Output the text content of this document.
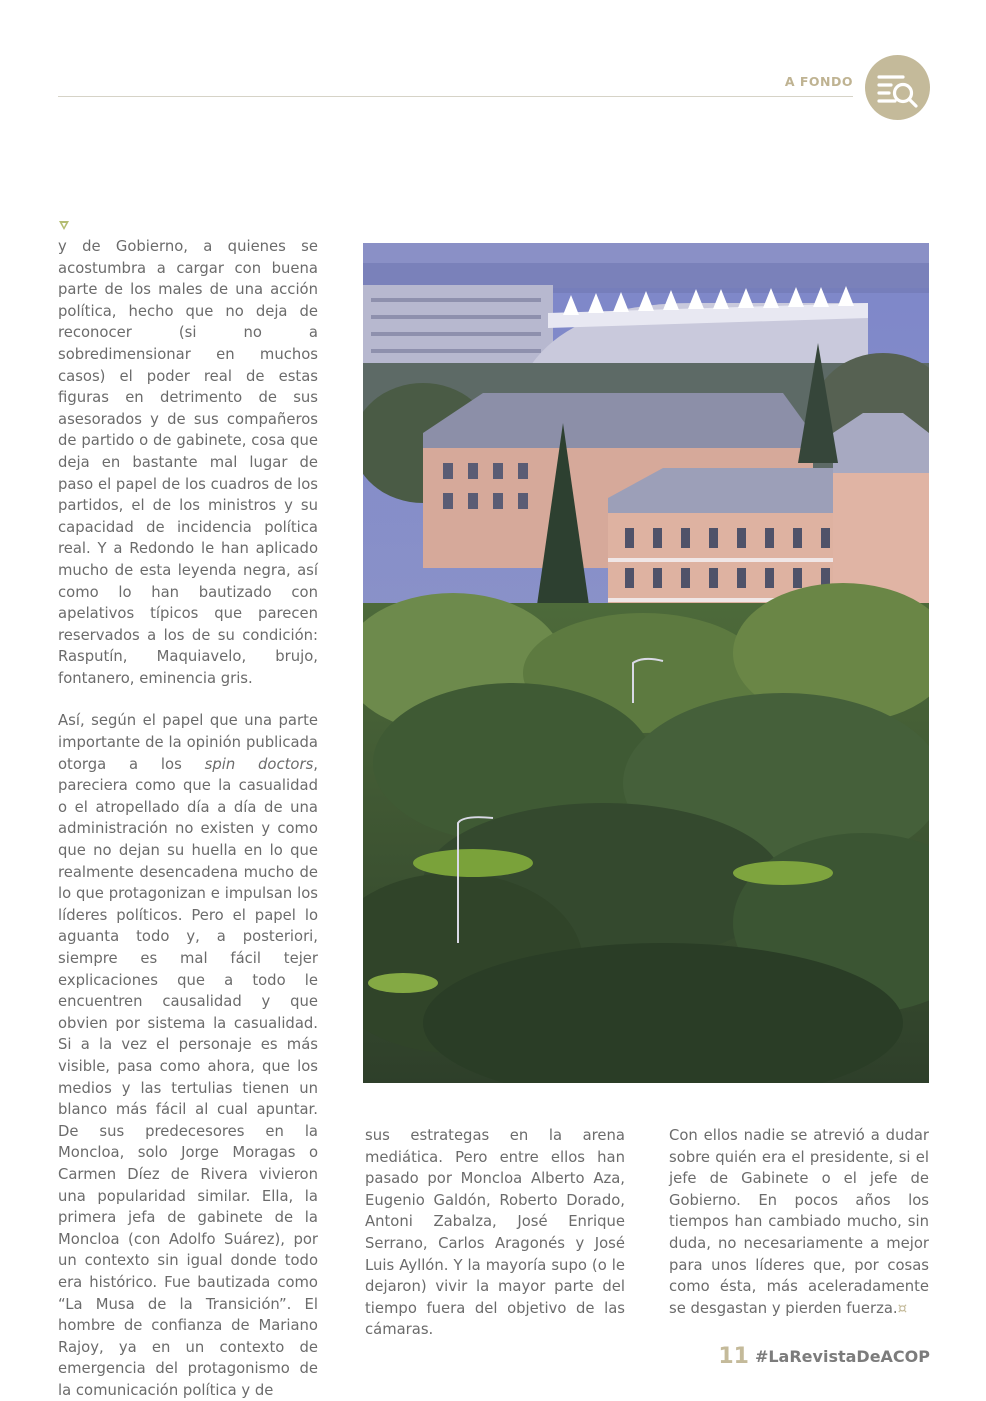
A FONDO

y de Gobierno, a quienes se acostumbra a cargar con buena parte de los males de una acción política, hecho que no deja de reconocer (si no a sobredimensionar en muchos casos) el poder real de estas figuras en detrimento de sus asesorados y de sus compañeros de partido o de gabinete, cosa que deja en bastante mal lugar de paso el papel de los cuadros de los partidos, el de los ministros y su capacidad de incidencia política real. Y a Redondo le han aplicado mucho de esta leyenda negra, así como lo han bautizado con apelativos típicos que parecen reservados a los de su condición: Rasputín, Maquiavelo, brujo, fontanero, eminencia gris.

Así, según el papel que una parte importante de la opinión publicada otorga a los spin doctors, pareciera como que la casualidad o el atropellado día a día de una administración no existen y como que no dejan su huella en lo que realmente desencadena mucho de lo que protagonizan e impulsan los líderes políticos. Pero el papel lo aguanta todo y, a posteriori, siempre es mal fácil tejer explicaciones que a todo le encuentren causalidad y que obvien por sistema la casualidad. Si a la vez el personaje es más visible, pasa como ahora, que los medios y las tertulias tienen un blanco más fácil al cual apuntar. De sus predecesores en la Moncloa, solo Jorge Moragas o Carmen Díez de Rivera vivieron una popularidad similar. Ella, la primera jefa de gabinete de la Moncloa (con Adolfo Suárez), por un contexto sin igual donde todo era histórico. Fue bautizada como “La Musa de la Transición”. El hombre de confianza de Mariano Rajoy, ya en un contexto de emergencia del protagonismo de la comunicación política y de

sus estrategas en la arena mediática. Pero entre ellos han pasado por Moncloa Alberto Aza, Eugenio Galdón, Roberto Dorado, Antoni Zabalza, José Enrique Serrano, Carlos Aragonés y José Luis Ayllón. Y la mayoría supo (o le dejaron) vivir la mayor parte del tiempo fuera del objetivo de las cámaras.

Con ellos nadie se atrevió a dudar sobre quién era el presidente, si el jefe de Gabinete o el jefe de Gobierno. En pocos años los tiempos han cambiado mucho, sin duda, no necesariamente a mejor para unos líderes que, por cosas como ésta, más aceleradamente se desgastan y pierden fuerza.¤

11 #LaRevistaDeACOP
